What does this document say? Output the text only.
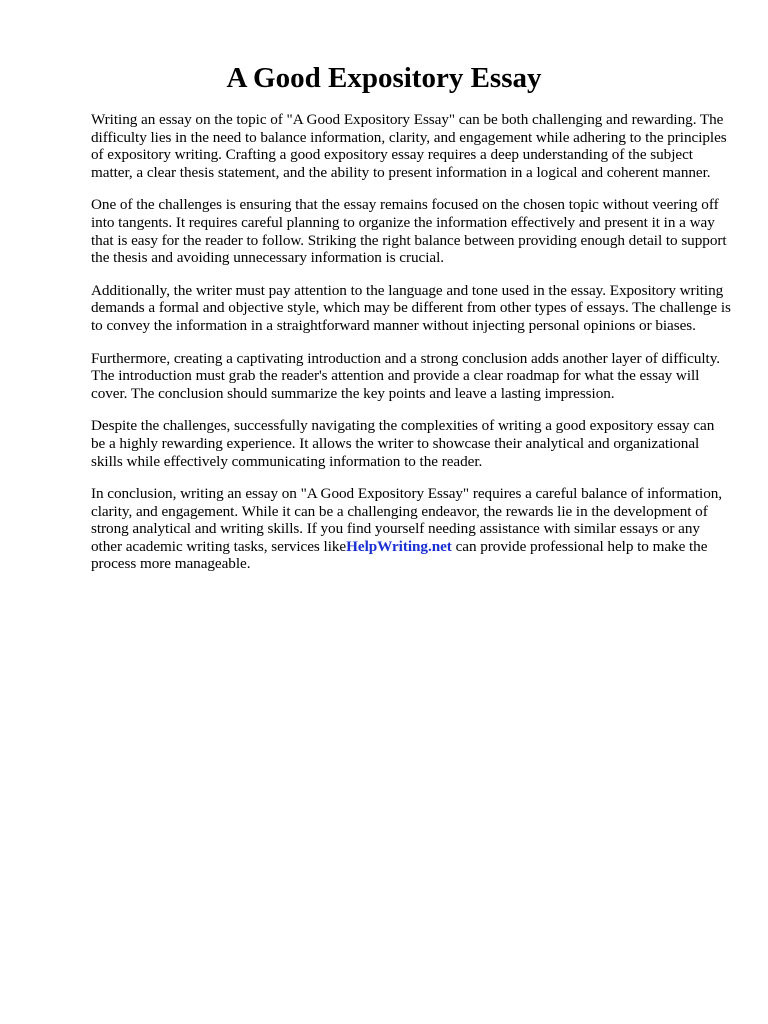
A Good Expository Essay

Writing an essay on the topic of "A Good Expository Essay" can be both challenging and rewarding. The difficulty lies in the need to balance information, clarity, and engagement while adhering to the principles of expository writing. Crafting a good expository essay requires a deep understanding of the subject matter, a clear thesis statement, and the ability to present information in a logical and coherent manner.

One of the challenges is ensuring that the essay remains focused on the chosen topic without veering off into tangents. It requires careful planning to organize the information effectively and present it in a way that is easy for the reader to follow. Striking the right balance between providing enough detail to support the thesis and avoiding unnecessary information is crucial.

Additionally, the writer must pay attention to the language and tone used in the essay. Expository writing demands a formal and objective style, which may be different from other types of essays. The challenge is to convey the information in a straightforward manner without injecting personal opinions or biases.

Furthermore, creating a captivating introduction and a strong conclusion adds another layer of difficulty. The introduction must grab the reader's attention and provide a clear roadmap for what the essay will cover. The conclusion should summarize the key points and leave a lasting impression.

Despite the challenges, successfully navigating the complexities of writing a good expository essay can be a highly rewarding experience. It allows the writer to showcase their analytical and organizational skills while effectively communicating information to the reader.

In conclusion, writing an essay on "A Good Expository Essay" requires a careful balance of information, clarity, and engagement. While it can be a challenging endeavor, the rewards lie in the development of strong analytical and writing skills. If you find yourself needing assistance with similar essays or any other academic writing tasks, services likeHelpWriting.net can provide professional help to make the process more manageable.
